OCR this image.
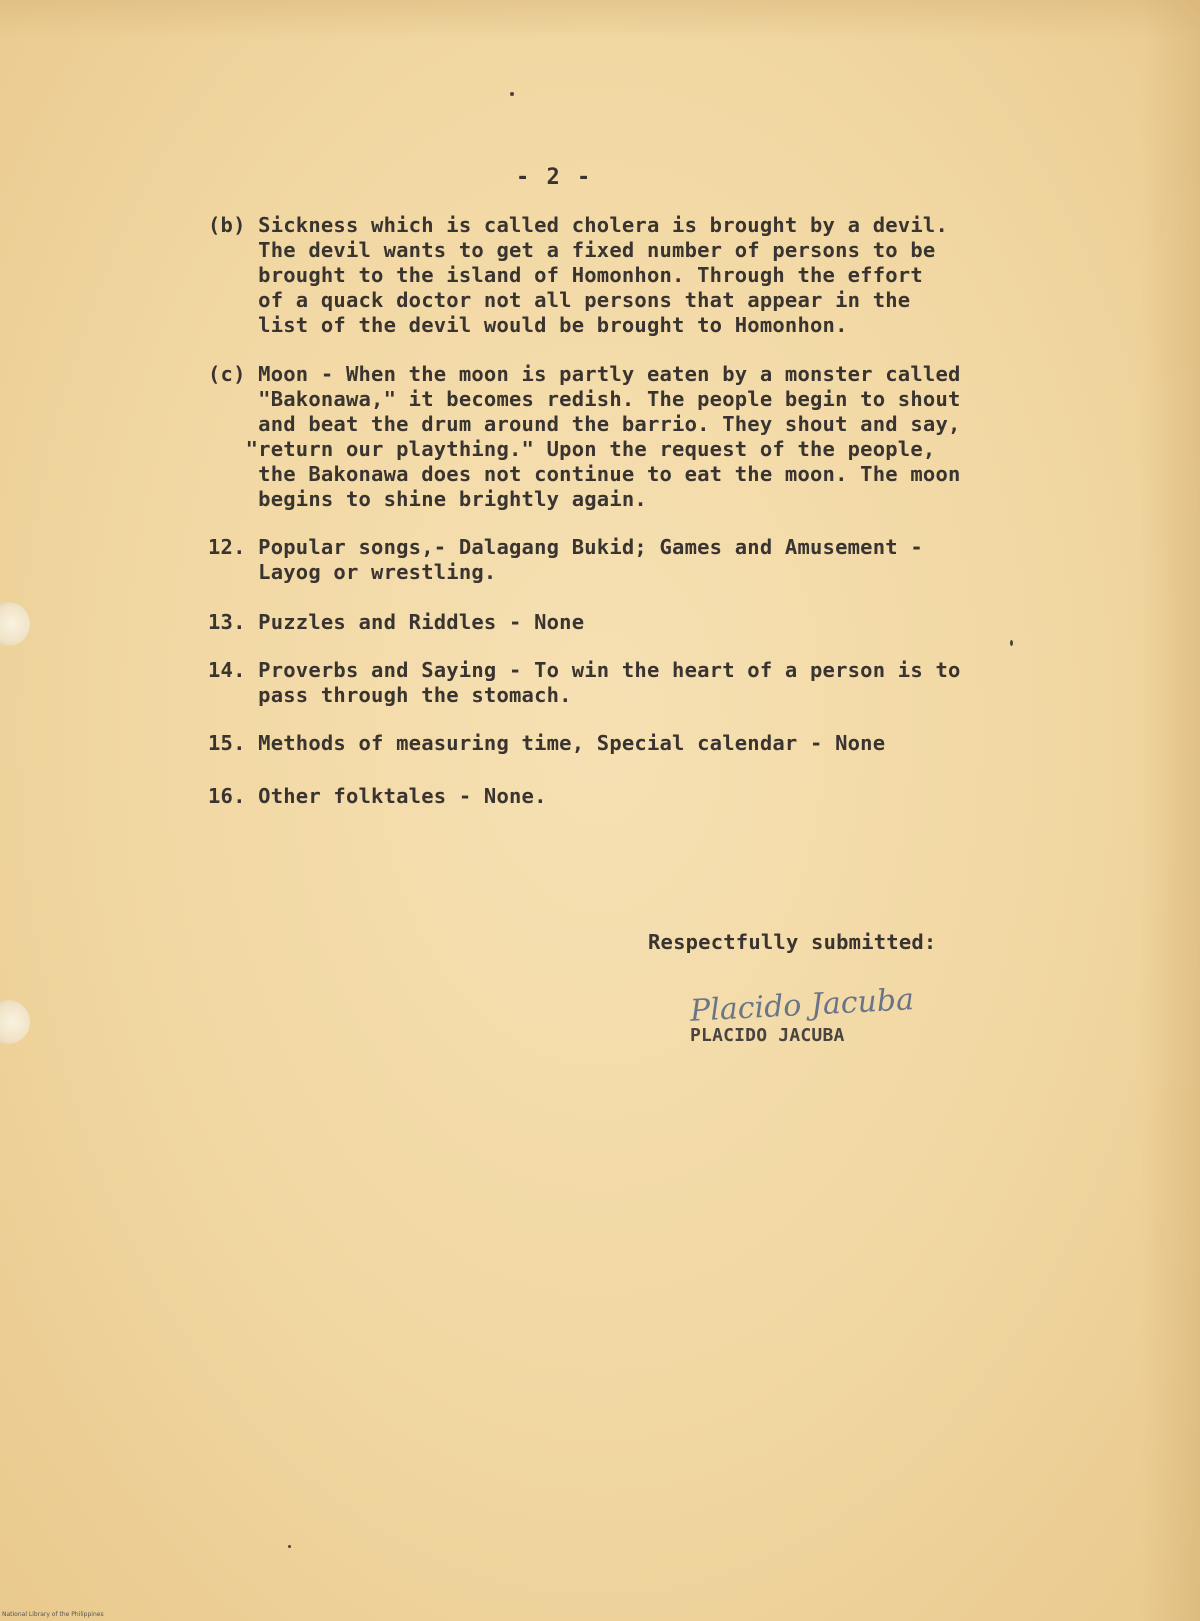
- 2 -
(b) Sickness which is called cholera is brought by a devil.
The devil wants to get a fixed number of persons to be
brought to the island of Homonhon. Through the effort
of a quack doctor not all persons that appear in the
list of the devil would be brought to Homonhon.
(c) Moon - When the moon is partly eaten by a monster called
"Bakonawa," it becomes redish. The people begin to shout
and beat the drum around the barrio. They shout and say,
"return our plaything." Upon the request of the people,
the Bakonawa does not continue to eat the moon. The moon
begins to shine brightly again.
12. Popular songs,- Dalagang Bukid; Games and Amusement -
Layog or wrestling.
13. Puzzles and Riddles - None
14. Proverbs and Saying - To win the heart of a person is to
pass through the stomach.
15. Methods of measuring time, Special calendar - None
16. Other folktales - None.
Respectfully submitted:
Placido Jacuba
PLACIDO JACUBA
National Library of the Philippines
